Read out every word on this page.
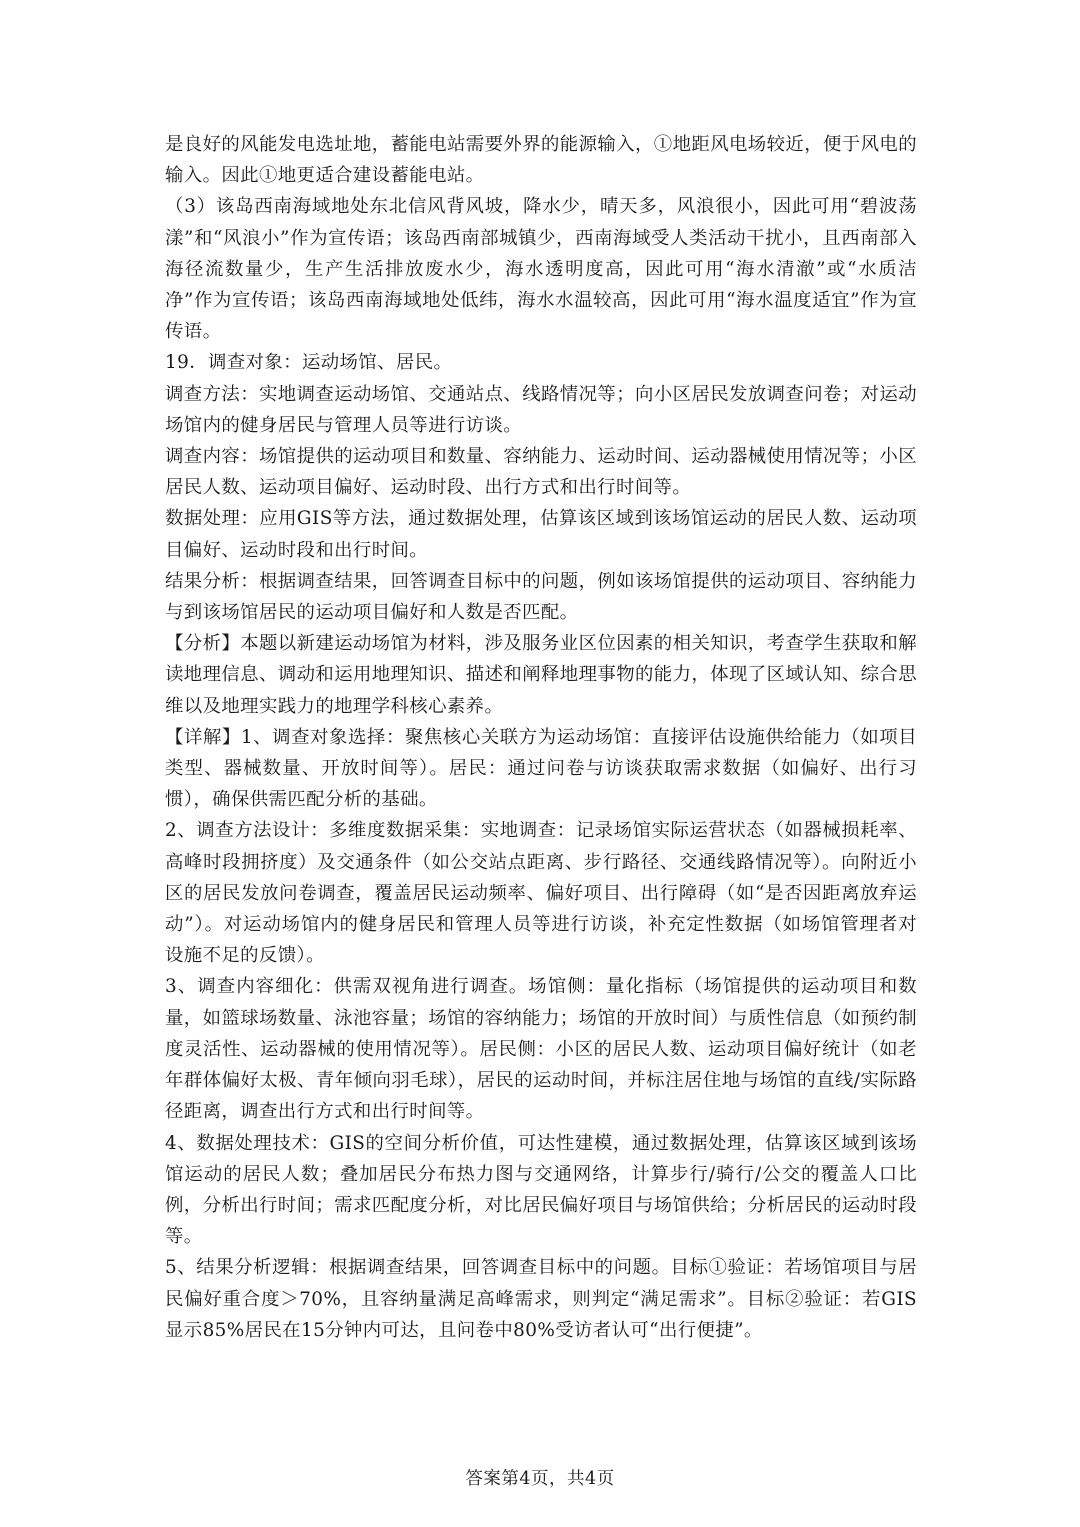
是良好的风能发电选址地，蓄能电站需要外界的能源输入，①地距风电场较近，便于风电的输入。因此①地更适合建设蓄能电站。

（3）该岛西南海域地处东北信风背风坡，降水少，晴天多，风浪很小，因此可用“碧波荡漾”和“风浪小”作为宣传语；该岛西南部城镇少，西南海域受人类活动干扰小，且西南部入海径流数量少，生产生活排放废水少，海水透明度高，因此可用“海水清澈”或“水质洁净”作为宣传语；该岛西南海域地处低纬，海水水温较高，因此可用“海水温度适宜”作为宣传语。

19．调查对象：运动场馆、居民。

调查方法：实地调查运动场馆、交通站点、线路情况等；向小区居民发放调查问卷；对运动场馆内的健身居民与管理人员等进行访谈。

调查内容：场馆提供的运动项目和数量、容纳能力、运动时间、运动器械使用情况等；小区居民人数、运动项目偏好、运动时段、出行方式和出行时间等。

数据处理：应用GIS等方法，通过数据处理，估算该区域到该场馆运动的居民人数、运动项目偏好、运动时段和出行时间。

结果分析：根据调查结果，回答调查目标中的问题，例如该场馆提供的运动项目、容纳能力与到该场馆居民的运动项目偏好和人数是否匹配。

【分析】本题以新建运动场馆为材料，涉及服务业区位因素的相关知识，考查学生获取和解读地理信息、调动和运用地理知识、描述和阐释地理事物的能力，体现了区域认知、综合思维以及地理实践力的地理学科核心素养。

【详解】1、调查对象选择：聚焦核心关联方为运动场馆：直接评估设施供给能力（如项目类型、器械数量、开放时间等）。居民：通过问卷与访谈获取需求数据（如偏好、出行习惯），确保供需匹配分析的基础。

2、调查方法设计：多维度数据采集：实地调查：记录场馆实际运营状态（如器械损耗率、高峰时段拥挤度）及交通条件（如公交站点距离、步行路径、交通线路情况等）。向附近小区的居民发放问卷调查，覆盖居民运动频率、偏好项目、出行障碍（如“是否因距离放弃运动”）。对运动场馆内的健身居民和管理人员等进行访谈，补充定性数据（如场馆管理者对设施不足的反馈）。

3、调查内容细化：供需双视角进行调查。场馆侧：量化指标（场馆提供的运动项目和数量，如篮球场数量、泳池容量；场馆的容纳能力；场馆的开放时间）与质性信息（如预约制度灵活性、运动器械的使用情况等）。居民侧：小区的居民人数、运动项目偏好统计（如老年群体偏好太极、青年倾向羽毛球），居民的运动时间，并标注居住地与场馆的直线/实际路径距离，调查出行方式和出行时间等。

4、数据处理技术：GIS的空间分析价值，可达性建模，通过数据处理，估算该区域到该场馆运动的居民人数；叠加居民分布热力图与交通网络，计算步行/骑行/公交的覆盖人口比例，分析出行时间；需求匹配度分析，对比居民偏好项目与场馆供给；分析居民的运动时段等。

5、结果分析逻辑：根据调查结果，回答调查目标中的问题。目标①验证：若场馆项目与居民偏好重合度＞70%，且容纳量满足高峰需求，则判定“满足需求”。目标②验证：若GIS显示85%居民在15分钟内可达，且问卷中80%受访者认可“出行便捷”。

答案第4页，共4页
